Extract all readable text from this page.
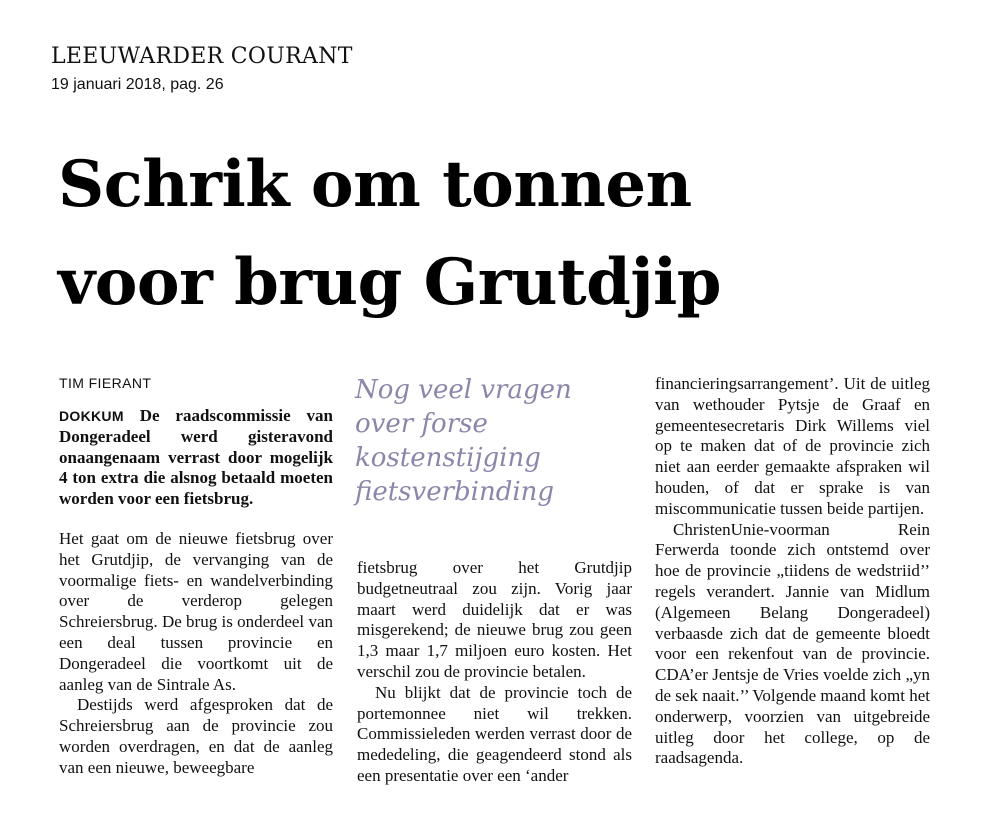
LEEUWARDER COURANT
19 januari 2018, pag. 26
Schrik om tonnen
voor brug Grutdjip
TIM FIERANT

DOKKUM De raadscommissie van Dongeradeel werd gisteravond onaangenaam verrast door mogelijk 4 ton extra die alsnog betaald moeten worden voor een fietsbrug.

Het gaat om de nieuwe fietsbrug over het Grutdjip, de vervanging van de voormalige fiets- en wandelverbinding over de verderop gelegen Schreiersbrug. De brug is onderdeel van een deal tussen provincie en Dongeradeel die voortkomt uit de aanleg van de Sintrale As.

Destijds werd afgesproken dat de Schreiersbrug aan de provincie zou worden overdragen, en dat de aanleg van een nieuwe, beweegbare

Nog veel vragen
over forse
kostenstijging
fietsverbinding

fietsbrug over het Grutdjip budgetneutraal zou zijn. Vorig jaar maart werd duidelijk dat er was misgerekend; de nieuwe brug zou geen 1,3 maar 1,7 miljoen euro kosten. Het verschil zou de provincie betalen.

Nu blijkt dat de provincie toch de portemonnee niet wil trekken. Commissieleden werden verrast door de mededeling, die geagendeerd stond als een presentatie over een ‘ander

financieringsarrangement’. Uit de uitleg van wethouder Pytsje de Graaf en gemeentesecretaris Dirk Willems viel op te maken dat of de provincie zich niet aan eerder gemaakte afspraken wil houden, of dat er sprake is van miscommunicatie tussen beide partijen.

ChristenUnie-voorman Rein Ferwerda toonde zich ontstemd over hoe de provincie „tiidens de wedstriid’’ regels verandert. Jannie van Midlum (Algemeen Belang Dongeradeel) verbaasde zich dat de gemeente bloedt voor een rekenfout van de provincie. CDA’er Jentsje de Vries voelde zich „yn de sek naait.’’ Volgende maand komt het onderwerp, voorzien van uitgebreide uitleg door het college, op de raadsagenda.
